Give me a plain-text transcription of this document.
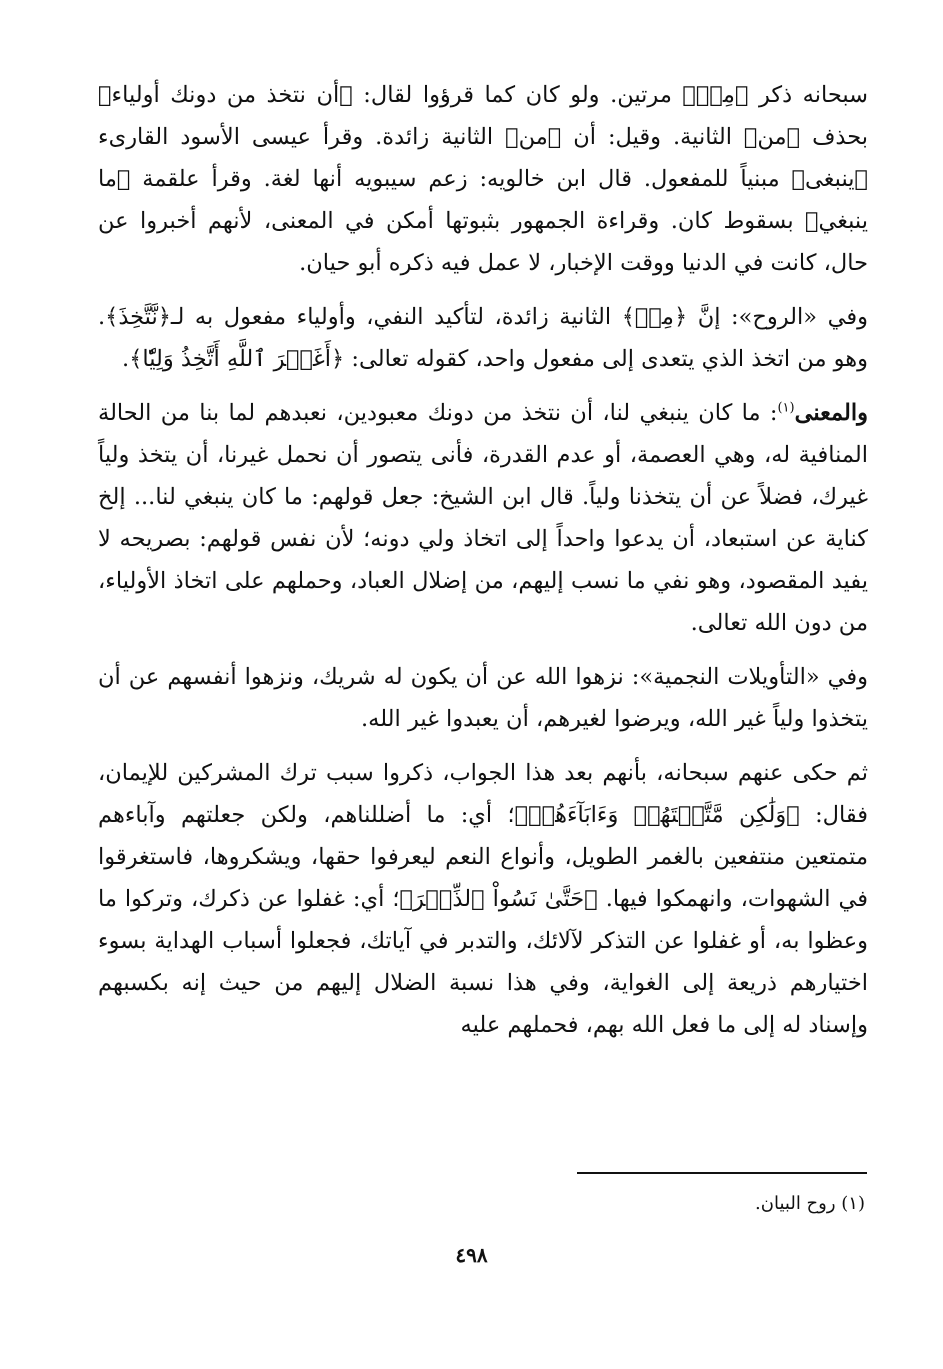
سبحانه ذكر ﴿مِنۡ﴾ مرتين. ولو كان كما قرؤوا لقال: ﴿أن نتخذ من دونك أولياء﴾ بحذف ﴿من﴾ الثانية. وقيل: أن ﴿من﴾ الثانية زائدة. وقرأ عيسى الأسود القارىء ﴿ينبغى﴾ مبنياً للمفعول. قال ابن خالويه: زعم سيبويه أنها لغة. وقرأ علقمة ﴿ما ينبغي﴾ بسقوط كان. وقراءة الجمهور بثبوتها أمكن في المعنى، لأنهم أخبروا عن حال، كانت في الدنيا ووقت الإخبار، لا عمل فيه ذكره أبو حيان.

وفي «الروح»: إنَّ ﴿مِنۡ﴾ الثانية زائدة، لتأكيد النفي، وأولياء مفعول به لـ﴿نَّتَّخِذَ﴾. وهو من اتخذ الذي يتعدى إلى مفعول واحد، كقوله تعالى: ﴿أَغَيۡرَ ٱللَّهِ أَتَّخِذُ وَلِيّٗا﴾.

والمعنى$^{(١)}$: ما كان ينبغي لنا، أن نتخذ من دونك معبودين، نعبدهم لما بنا من الحالة المنافية له، وهي العصمة، أو عدم القدرة، فأنى يتصور أن نحمل غيرنا، أن يتخذ ولياً غيرك، فضلاً عن أن يتخذنا ولياً. قال ابن الشيخ: جعل قولهم: ما كان ينبغي لنا... إلخ كناية عن استبعاد، أن يدعوا واحداً إلى اتخاذ ولي دونه؛ لأن نفس قولهم: بصريحه لا يفيد المقصود، وهو نفي ما نسب إليهم، من إضلال العباد، وحملهم على اتخاذ الأولياء، من دون الله تعالى.

وفي «التأويلات النجمية»: نزهوا الله عن أن يكون له شريك، ونزهوا أنفسهم عن أن يتخذوا ولياً غير الله، ويرضوا لغيرهم، أن يعبدوا غير الله.

ثم حكى عنهم سبحانه، بأنهم بعد هذا الجواب، ذكروا سبب ترك المشركين للإيمان، فقال: ﴿وَلَٰكِن مَّتَّعۡتَهُمۡ وَءَابَآءَهُمۡ﴾؛ أي: ما أضللناهم، ولكن جعلتهم وآباءهم متمتعين منتفعين بالغمر الطويل، وأنواع النعم ليعرفوا حقها، ويشكروها، فاستغرقوا في الشهوات، وانهمكوا فيها. ﴿حَتَّىٰ نَسُواْ ٱلذِّكۡرَ﴾؛ أي: غفلوا عن ذكرك، وتركوا ما وعظوا به، أو غفلوا عن التذكر لآلائك، والتدبر في آياتك، فجعلوا أسباب الهداية بسوء اختيارهم ذريعة إلى الغواية، وفي هذا نسبة الضلال إليهم من حيث إنه بكسبهم وإسناد له إلى ما فعل الله بهم، فحملهم عليه

(١) روح البيان.
٤٩٨
